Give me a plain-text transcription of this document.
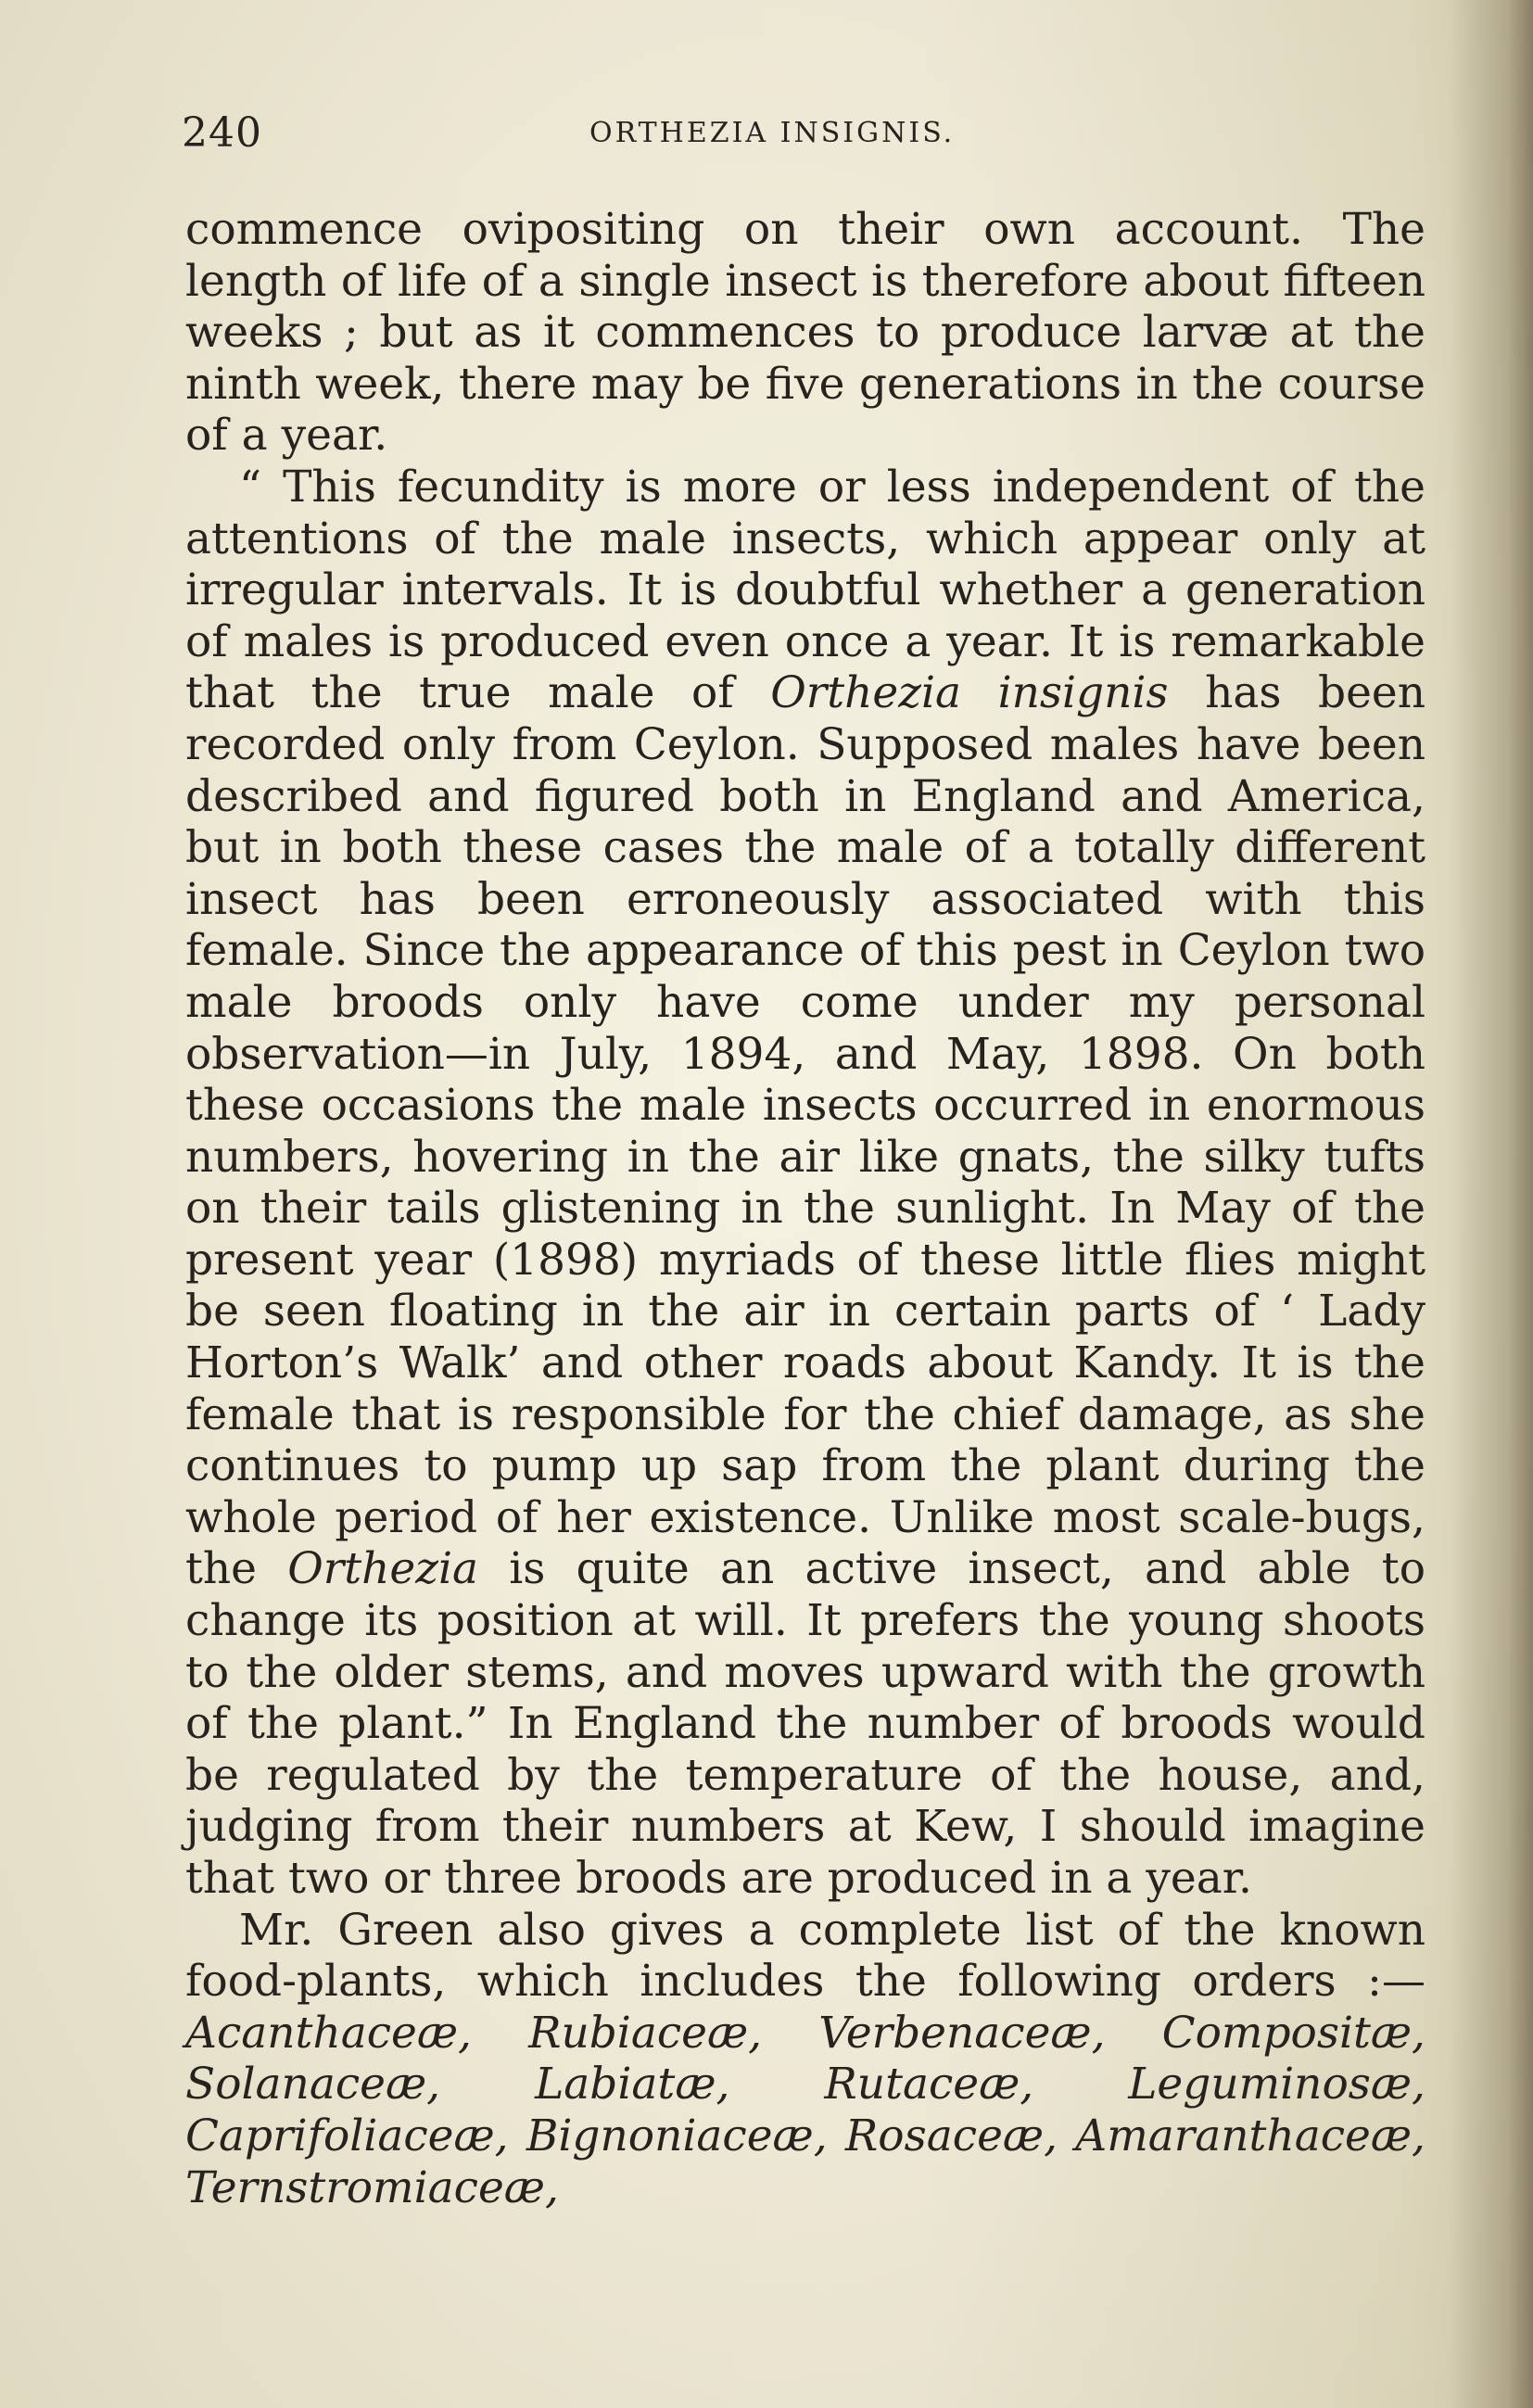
240	ORTHEZIA INSIGNIS.

commence ovipositing on their own account. The length of life of a single insect is therefore about fifteen weeks ; but as it commences to produce larvæ at the ninth week, there may be five generations in the course of a year.

“ This fecundity is more or less independent of the attentions of the male insects, which appear only at irregular intervals. It is doubtful whether a generation of males is produced even once a year. It is remarkable that the true male of Orthezia insignis has been recorded only from Ceylon. Supposed males have been described and figured both in England and America, but in both these cases the male of a totally different insect has been erroneously associated with this female. Since the appearance of this pest in Ceylon two male broods only have come under my personal observation—in July, 1894, and May, 1898. On both these occasions the male insects occurred in enormous numbers, hovering in the air like gnats, the silky tufts on their tails glistening in the sunlight. In May of the present year (1898) myriads of these little flies might be seen floating in the air in certain parts of ‘ Lady Horton’s Walk’ and other roads about Kandy. It is the female that is responsible for the chief damage, as she continues to pump up sap from the plant during the whole period of her existence. Unlike most scale-bugs, the Orthezia is quite an active insect, and able to change its position at will. It prefers the young shoots to the older stems, and moves upward with the growth of the plant.” In England the number of broods would be regulated by the temperature of the house, and, judging from their numbers at Kew, I should imagine that two or three broods are produced in a year.

Mr. Green also gives a complete list of the known food-plants, which includes the following orders :— Acanthaceæ, Rubiaceæ, Verbenaceæ, Compositæ, Solanaceæ, Labiatæ, Rutaceæ, Leguminosæ, Caprifoliaceæ, Bignoniaceæ, Rosaceæ, Amaranthaceæ, Ternstromiaceæ,
